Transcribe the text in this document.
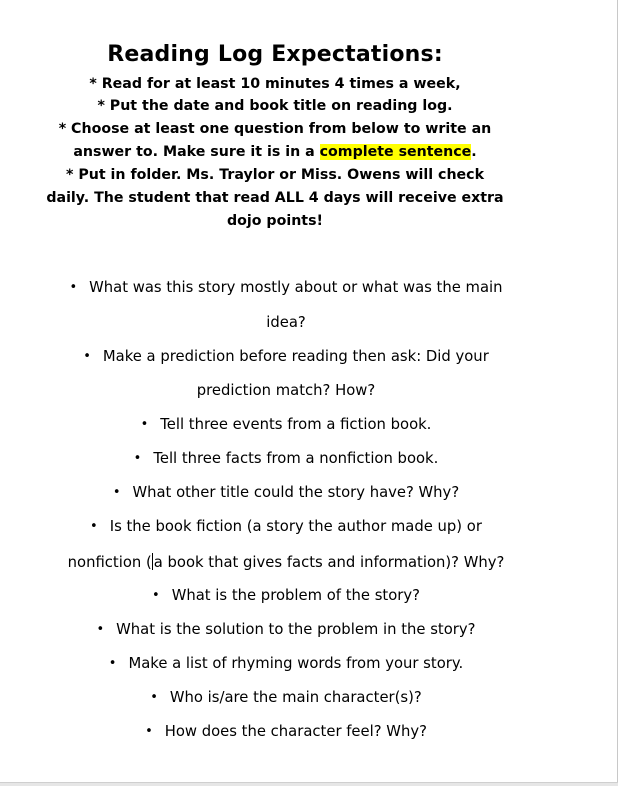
Reading Log Expectations:
* Read for at least 10 minutes 4 times a week,
* Put the date and book title on reading log.
* Choose at least one question from below to write an
answer to. Make sure it is in a complete sentence.
* Put in folder. Ms. Traylor or Miss. Owens will check
daily. The student that read ALL 4 days will receive extra
dojo points!
• What was this story mostly about or what was the main
idea?
• Make a prediction before reading then ask: Did your
prediction match? How?
• Tell three events from a fiction book.
• Tell three facts from a nonfiction book.
• What other title could the story have? Why?
• Is the book fiction (a story the author made up) or
nonfiction ( a book that gives facts and information)? Why?
• What is the problem of the story?
• What is the solution to the problem in the story?
• Make a list of rhyming words from your story.
• Who is/are the main character(s)?
• How does the character feel? Why?
